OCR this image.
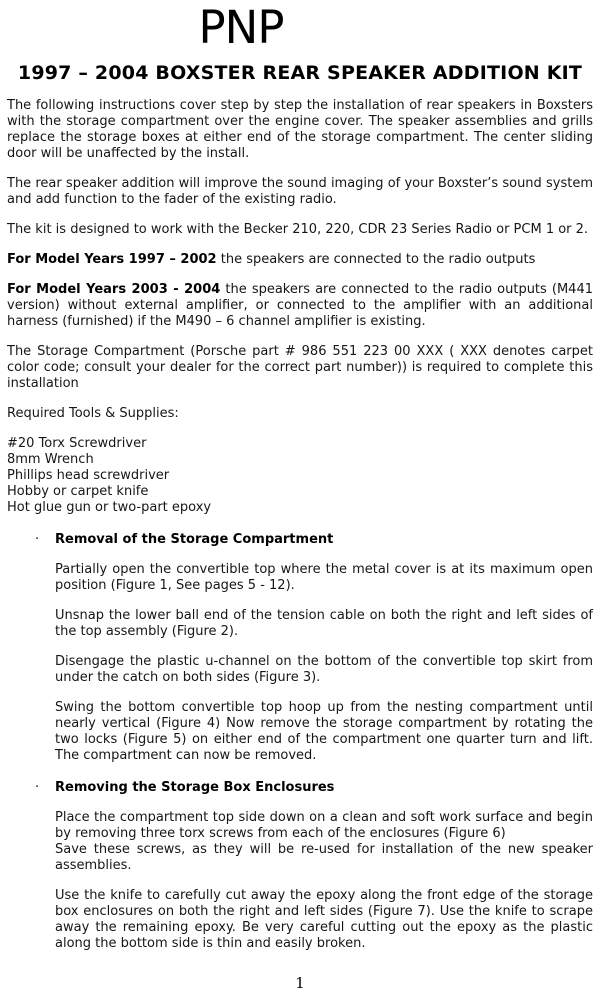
PNP
1997 – 2004 BOXSTER REAR SPEAKER ADDITION KIT

The following instructions cover step by step the installation of rear speakers in Boxsters with the storage compartment over the engine cover. The speaker assemblies and grills replace the storage boxes at either end of the storage compartment. The center sliding door will be unaffected by the install.

The rear speaker addition will improve the sound imaging of your Boxster’s sound system and add function to the fader of the existing radio.

The kit is designed to work with the Becker 210, 220, CDR 23 Series Radio or PCM 1 or 2.

For Model Years 1997 – 2002 the speakers are connected to the radio outputs

For Model Years 2003 - 2004 the speakers are connected to the radio outputs (M441 version) without external amplifier, or connected to the amplifier with an additional harness (furnished) if the M490 – 6 channel amplifier is existing.

The Storage Compartment (Porsche part # 986 551 223 00 XXX ( XXX denotes carpet color code; consult your dealer for the correct part number)) is required to complete this installation

Required Tools & Supplies:

#20 Torx Screwdriver
8mm Wrench
Phillips head screwdriver
Hobby or carpet knife
Hot glue gun or two-part epoxy
· Removal of the Storage Compartment

Partially open the convertible top where the metal cover is at its maximum open position (Figure 1, See pages 5 - 12).

Unsnap the lower ball end of the tension cable on both the right and left sides of the top assembly (Figure 2).

Disengage the plastic u-channel on the bottom of the convertible top skirt from under the catch on both sides (Figure 3).

Swing the bottom convertible top hoop up from the nesting compartment until nearly vertical (Figure 4) Now remove the storage compartment by rotating the two locks (Figure 5) on either end of the compartment one quarter turn and lift. The compartment can now be removed.

· Removing the Storage Box Enclosures

Place the compartment top side down on a clean and soft work surface and begin by removing three torx screws from each of the enclosures (Figure 6)
Save these screws, as they will be re-used for installation of the new speaker assemblies.

Use the knife to carefully cut away the epoxy along the front edge of the storage box enclosures on both the right and left sides (Figure 7). Use the knife to scrape away the remaining epoxy. Be very careful cutting out the epoxy as the plastic along the bottom side is thin and easily broken.

1
